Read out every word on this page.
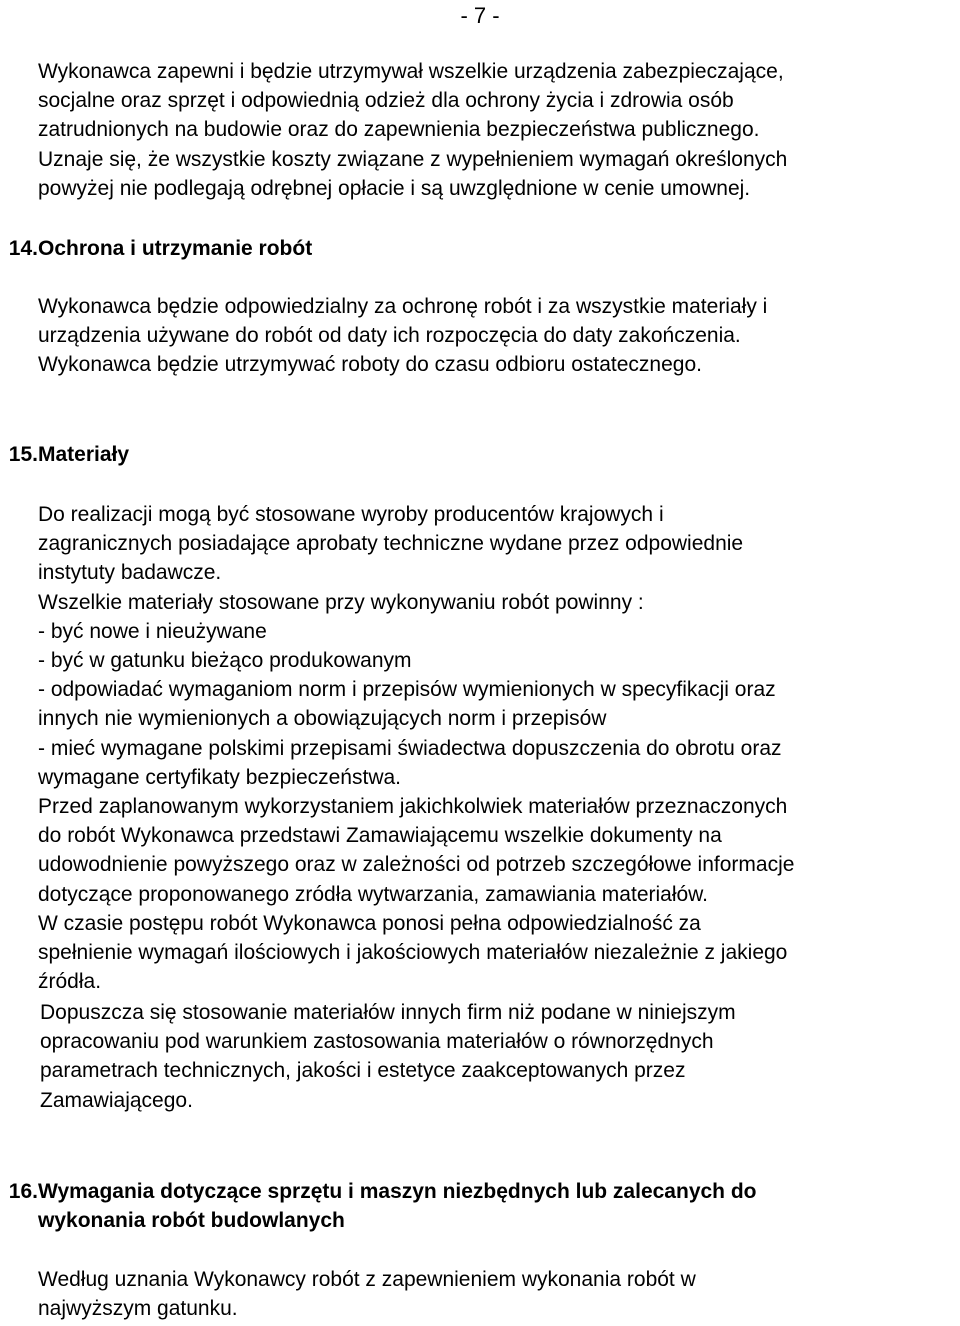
- 7 -
Wykonawca zapewni i będzie utrzymywał wszelkie urządzenia zabezpieczające,
socjalne oraz sprzęt i odpowiednią odzież dla ochrony życia i zdrowia osób
zatrudnionych na budowie oraz do zapewnienia bezpieczeństwa publicznego.
Uznaje się, że wszystkie koszty związane z wypełnieniem wymagań określonych
powyżej nie podlegają odrębnej opłacie i są uwzględnione w cenie umownej.
14. Ochrona i utrzymanie robót
Wykonawca będzie odpowiedzialny za ochronę robót i za wszystkie materiały i
urządzenia używane do robót od daty ich rozpoczęcia do daty zakończenia.
Wykonawca będzie utrzymywać roboty do czasu odbioru ostatecznego.
15. Materiały
Do realizacji mogą być stosowane wyroby producentów krajowych i
zagranicznych posiadające aprobaty techniczne wydane przez odpowiednie
instytuty badawcze.
Wszelkie materiały stosowane przy wykonywaniu robót powinny :
- być nowe i nieużywane
- być w gatunku bieżąco produkowanym
- odpowiadać wymaganiom norm i przepisów wymienionych w specyfikacji oraz
innych nie wymienionych a obowiązujących norm i przepisów
- mieć wymagane polskimi przepisami świadectwa dopuszczenia do obrotu oraz
wymagane certyfikaty bezpieczeństwa.
Przed zaplanowanym wykorzystaniem jakichkolwiek materiałów przeznaczonych
do robót Wykonawca przedstawi Zamawiającemu wszelkie dokumenty na
udowodnienie powyższego oraz w zależności od potrzeb szczegółowe informacje
dotyczące proponowanego zródła wytwarzania, zamawiania materiałów.
W czasie postępu robót Wykonawca ponosi pełna odpowiedzialność za
spełnienie wymagań ilościowych i jakościowych materiałów niezależnie z jakiego
źródła.
Dopuszcza się stosowanie materiałów innych firm niż podane w niniejszym
opracowaniu pod warunkiem zastosowania materiałów o równorzędnych
parametrach technicznych, jakości i estetyce zaakceptowanych przez
Zamawiającego.
16. Wymagania dotyczące sprzętu i maszyn niezbędnych lub zalecanych do
wykonania robót budowlanych
Według uznania Wykonawcy robót z zapewnieniem wykonania robót w
najwyższym gatunku.
